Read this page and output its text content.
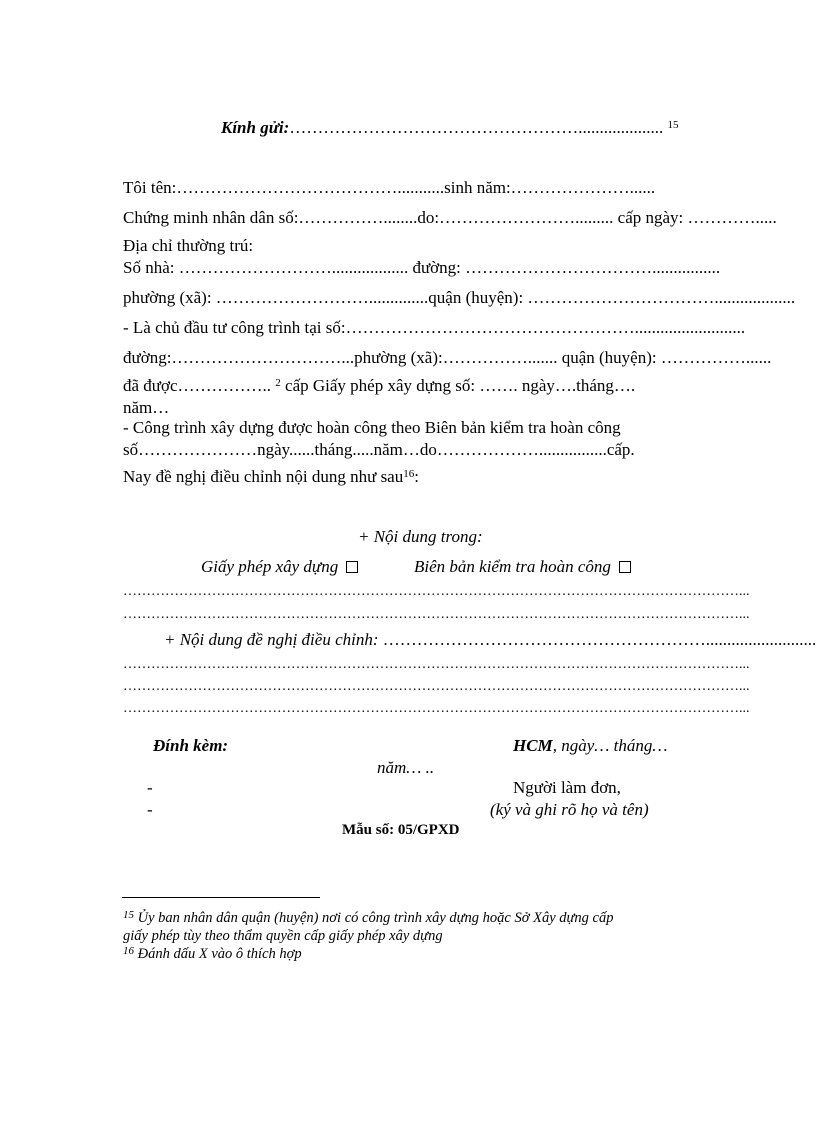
Kính gửi:…………………………………………….................... $^{15}$
Tôi tên:…………………………………...........sinh năm:…………………......
Chứng minh nhân dân số:……………........do:……………………......... cấp ngày: ………….....
Địa chỉ thường trú:
Số nhà: ……………………….................. đường: ……………………………................
phường (xã): ………………………..............quận (huyện): ……………………………...................
- Là chủ đầu tư công trình tại số:……………………………………………..........................
đường:…………………………...phường (xã):……………....... quận (huyện): ……………......
đã được…………….. $^2$ cấp Giấy phép xây dựng số: ……. ngày….tháng….
năm…
- Công trình xây dựng được hoàn công theo Biên bản kiểm tra hoàn công
số…………………ngày......tháng.....năm…do………………................cấp.
Nay đề nghị điều chỉnh nội dung như sau$^{16}$:
+ Nội dung trong:
Giấy phép xây dựng	Biên bản kiểm tra hoàn công
……………………………………………………………………………………………………………………...
……………………………………………………………………………………………………………………...
+ Nội dung đề nghị điều chỉnh: …………………………………………………..........................
……………………………………………………………………………………………………………………...
……………………………………………………………………………………………………………………...
……………………………………………………………………………………………………………………...
Đính kèm:	HCM, ngày… tháng…
năm… ..
-	Người làm đơn,
-	(ký và ghi rõ họ và tên)
Mẫu số: 05/GPXD
$^{15}$ Ủy ban nhân dân quận (huyện) nơi có công trình xây dựng hoặc Sở Xây dựng cấp
giấy phép tùy theo thẩm quyền cấp giấy phép xây dựng
$^{16}$ Đánh dấu X vào ô thích hợp
